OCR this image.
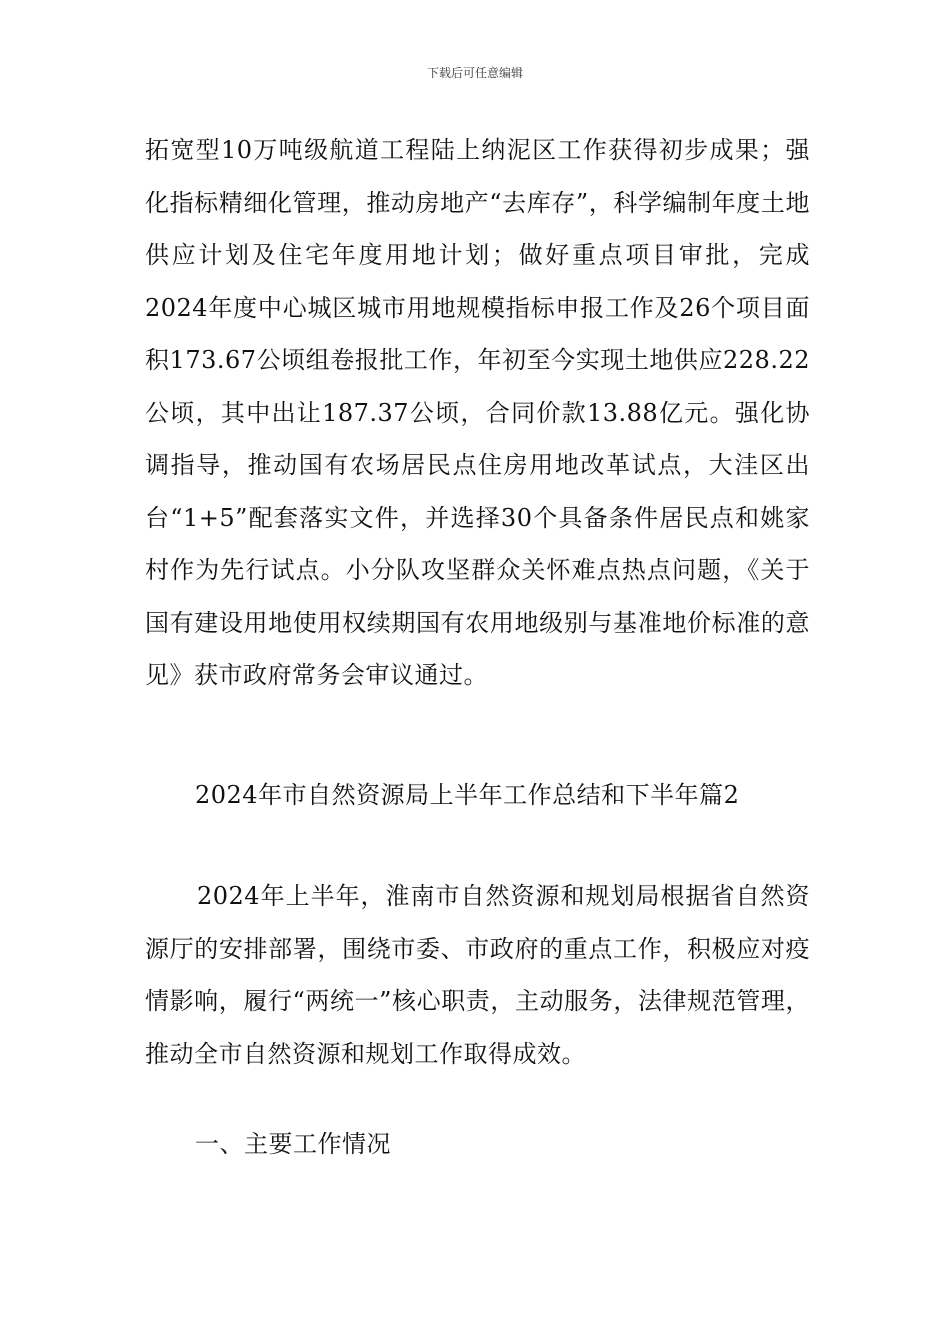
下载后可任意编辑
拓宽型10万吨级航道工程陆上纳泥区工作获得初步成果；强化指标精细化管理，推动房地产“去库存”，科学编制年度土地供应计划及住宅年度用地计划；做好重点项目审批，完成2024年度中心城区城市用地规模指标申报工作及26个项目面积173.67公顷组卷报批工作，年初至今实现土地供应228.22公顷，其中出让187.37公顷，合同价款13.88亿元。强化协调指导，推动国有农场居民点住房用地改革试点，大洼区出台“1+5”配套落实文件，并选择30个具备条件居民点和姚家村作为先行试点。小分队攻坚群众关怀难点热点问题，《关于国有建设用地使用权续期国有农用地级别与基准地价标准的意见》获市政府常务会审议通过。
2024年市自然资源局上半年工作总结和下半年篇2
2024年上半年，淮南市自然资源和规划局根据省自然资源厅的安排部署，围绕市委、市政府的重点工作，积极应对疫情影响，履行“两统一”核心职责，主动服务，法律规范管理，推动全市自然资源和规划工作取得成效。
一、主要工作情况
